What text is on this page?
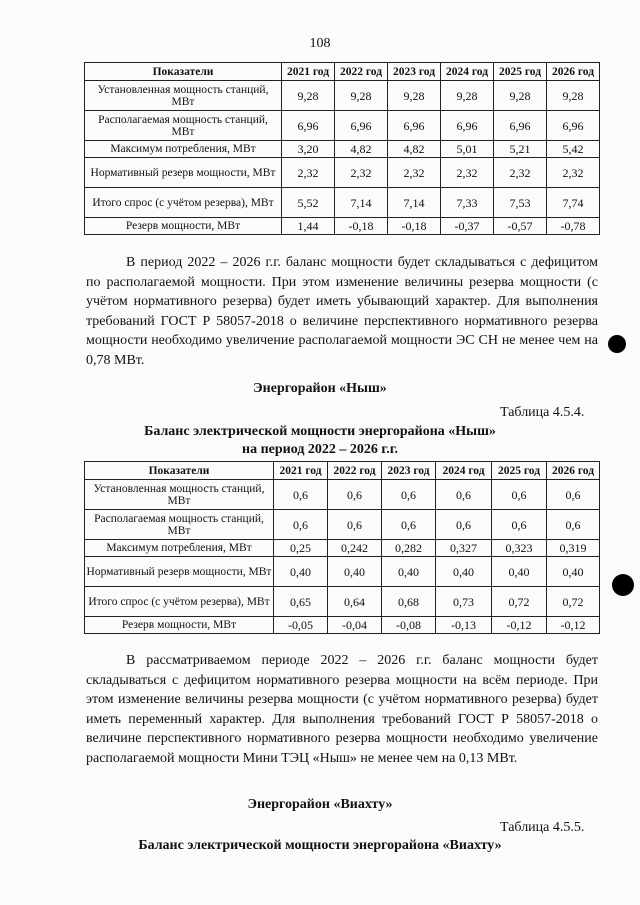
108
Показатели	2021 год	2022 год	2023 год	2024 год	2025 год	2026 год
Установленная мощность станций, МВт	9,28	9,28	9,28	9,28	9,28	9,28
Располагаемая мощность станций, МВт	6,96	6,96	6,96	6,96	6,96	6,96
Максимум потребления, МВт	3,20	4,82	4,82	5,01	5,21	5,42
Нормативный резерв мощности, МВт	2,32	2,32	2,32	2,32	2,32	2,32
Итого спрос (с учётом резерва), МВт	5,52	7,14	7,14	7,33	7,53	7,74
Резерв мощности, МВт	1,44	-0,18	-0,18	-0,37	-0,57	-0,78

В период 2022 – 2026 г.г. баланс мощности будет складываться с дефицитом по располагаемой мощности. При этом изменение величины резерва мощности (с учётом нормативного резерва) будет иметь убывающий характер. Для выполнения требований ГОСТ Р 58057-2018 о величине перспективного нормативного резерва мощности необходимо увеличение располагаемой мощности ЭС СН не менее чем на 0,78 МВт.

Энергорайон «Ныш»

Таблица 4.5.4.

Баланс электрической мощности энергорайона «Ныш»

на период 2022 – 2026 г.г.

Показатели	2021 год	2022 год	2023 год	2024 год	2025 год	2026 год
Установленная мощность станций, МВт	0,6	0,6	0,6	0,6	0,6	0,6
Располагаемая мощность станций, МВт	0,6	0,6	0,6	0,6	0,6	0,6
Максимум потребления, МВт	0,25	0,242	0,282	0,327	0,323	0,319
Нормативный резерв мощности, МВт	0,40	0,40	0,40	0,40	0,40	0,40
Итого спрос (с учётом резерва), МВт	0,65	0,64	0,68	0,73	0,72	0,72
Резерв мощности, МВт	-0,05	-0,04	-0,08	-0,13	-0,12	-0,12

В рассматриваемом периоде 2022 – 2026 г.г. баланс мощности будет складываться с дефицитом нормативного резерва мощности на всём периоде. При этом изменение величины резерва мощности (с учётом нормативного резерва) будет иметь переменный характер. Для выполнения требований ГОСТ Р 58057-2018 о величине перспективного нормативного резерва мощности необходимо увеличение располагаемой мощности Мини ТЭЦ «Ныш» не менее чем на 0,13 МВт.

Энергорайон «Виахту»

Таблица 4.5.5.

Баланс электрической мощности энергорайона «Виахту»
